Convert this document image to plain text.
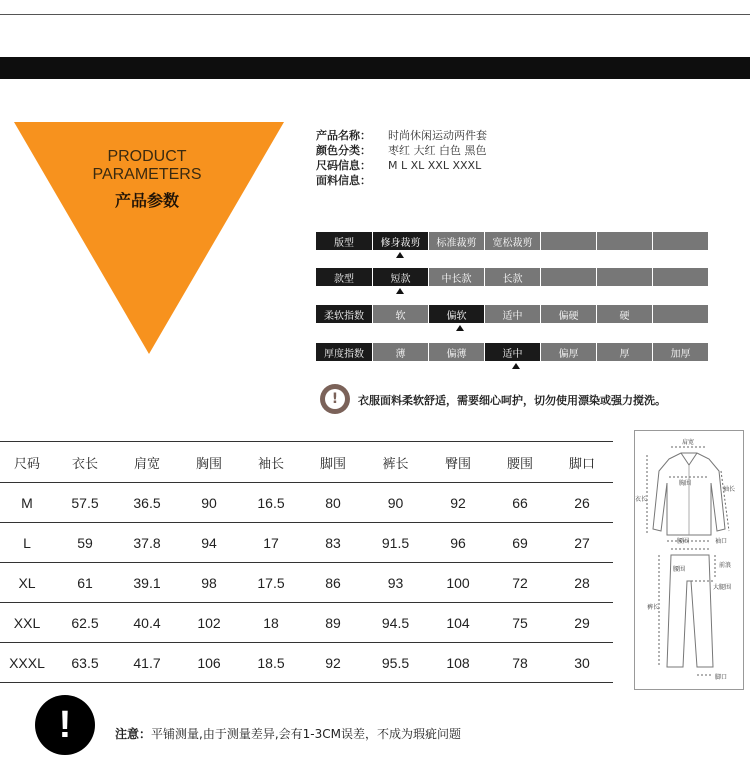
PRODUCT
PARAMETERS
产品参数
产品名称：	时尚休闲运动两件套
颜色分类：	枣红 大红 白色 黑色
尺码信息：	M L XL XXL XXXL
面料信息：
版型	修身裁剪	标准裁剪	宽松裁剪
款型	短款	中长款	长款
柔软指数	软	偏软	适中	偏硬	硬
厚度指数	薄	偏薄	适中	偏厚	厚	加厚
!	衣服面料柔软舒适，需要细心呵护，切勿使用漂染或强力搅洗。
尺码	衣长	肩宽	胸围	袖长	脚围	裤长	臀围	腰围	脚口
M	57.5	36.5	90	16.5	80	90	92	66	26
L	59	37.8	94	17	83	91.5	96	69	27
XL	61	39.1	98	17.5	86	93	100	72	28
XXL	62.5	40.4	102	18	89	94.5	104	75	29
XXXL	63.5	41.7	106	18.5	92	95.5	108	78	30
肩宽
胸围
衣长
袖长
腰围	袖口
腰围
前浪
大腿围
裤长
脚口
!	注意：平铺测量,由于测量差异,会有1-3CM误差，不成为瑕疵问题
